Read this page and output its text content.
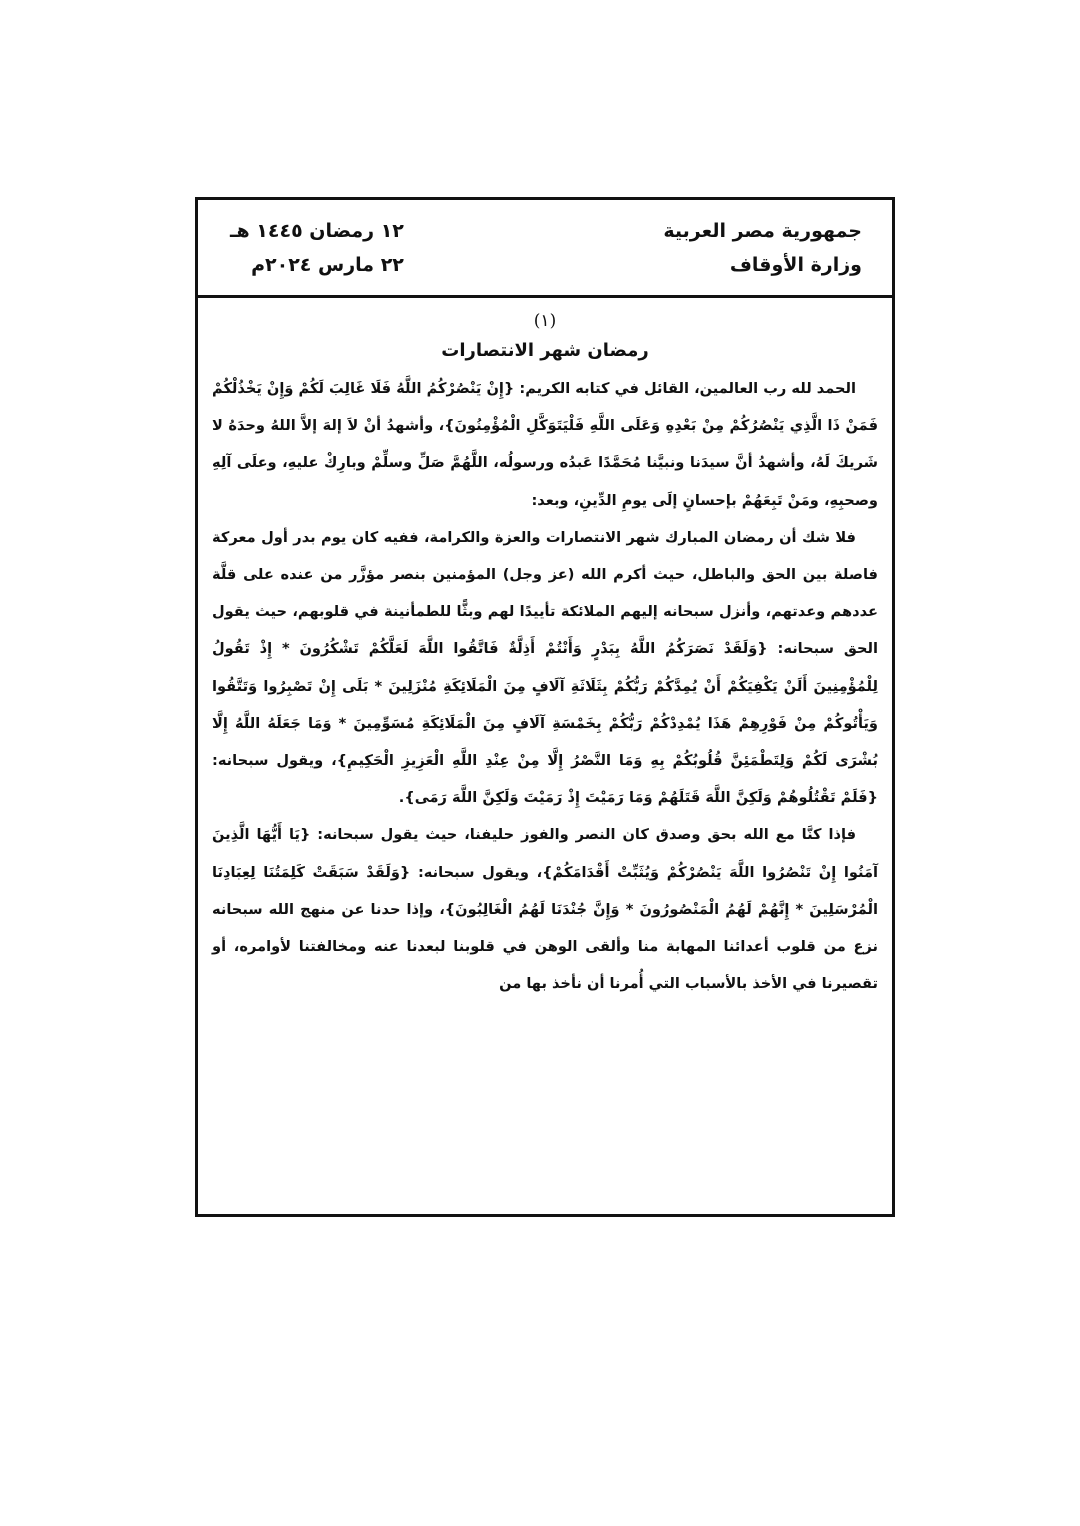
جمهورية مصر العربية
وزارة الأوقاف
١٢ رمضان ١٤٤٥ هـ
٢٢ مارس ٢٠٢٤م
(١)
رمضان شهر الانتصارات

الحمد لله رب العالمين، القائل في كتابه الكريم: {إِنْ يَنْصُرْكُمُ اللَّهُ فَلَا غَالِبَ لَكُمْ وَإِنْ يَخْذُلْكُمْ فَمَنْ ذَا الَّذِي يَنْصُرُكُمْ مِنْ بَعْدِهِ وَعَلَى اللَّهِ فَلْيَتَوَكَّلِ الْمُؤْمِنُونَ}، وأشهدُ أنْ لاَ إلهَ إلاَّ اللهُ وحدَهُ لا شَريكَ لَهُ، وأشهدُ أنَّ سيدَنا ونبيَّنا مُحَمَّدًا عَبدُه ورسولُه، اللَّهُمَّ صَلِّ وسلِّمْ وبارِكْ عليهِ، وعلَى آلِهِ وصحبِهِ، ومَنْ تَبِعَهُمْ بإحسانٍ إلَى يومِ الدِّينِ، وبعد:

فلا شك أن رمضان المبارك شهر الانتصارات والعزة والكرامة، ففيه كان يوم بدر أول معركة فاصلة بين الحق والباطل، حيث أكرم الله (عز وجل) المؤمنين بنصر مؤزَّر من عنده على قلَّة عددهم وعدتهم، وأنزل سبحانه إليهم الملائكة تأييدًا لهم وبثًّا للطمأنينة في قلوبهم، حيث يقول الحق سبحانه: {وَلَقَدْ نَصَرَكُمُ اللَّهُ بِبَدْرٍ وَأَنْتُمْ أَذِلَّةٌ فَاتَّقُوا اللَّهَ لَعَلَّكُمْ تَشْكُرُونَ * إِذْ تَقُولُ لِلْمُؤْمِنِينَ أَلَنْ يَكْفِيَكُمْ أَنْ يُمِدَّكُمْ رَبُّكُمْ بِثَلَاثَةِ آلَافٍ مِنَ الْمَلَائِكَةِ مُنْزَلِينَ * بَلَى إِنْ تَصْبِرُوا وَتَتَّقُوا وَيَأْتُوكُمْ مِنْ فَوْرِهِمْ هَذَا يُمْدِدْكُمْ رَبُّكُمْ بِخَمْسَةِ آلَافٍ مِنَ الْمَلَائِكَةِ مُسَوِّمِينَ * وَمَا جَعَلَهُ اللَّهُ إِلَّا بُشْرَى لَكُمْ وَلِتَطْمَئِنَّ قُلُوبُكُمْ بِهِ وَمَا النَّصْرُ إِلَّا مِنْ عِنْدِ اللَّهِ الْعَزِيزِ الْحَكِيمِ}، ويقول سبحانه: {فَلَمْ تَقْتُلُوهُمْ وَلَكِنَّ اللَّهَ قَتَلَهُمْ وَمَا رَمَيْتَ إِذْ رَمَيْتَ وَلَكِنَّ اللَّهَ رَمَى}.

فإذا كنَّا مع الله بحق وصدق كان النصر والفوز حليفنا، حيث يقول سبحانه: {يَا أَيُّهَا الَّذِينَ آمَنُوا إِنْ تَنْصُرُوا اللَّهَ يَنْصُرْكُمْ وَيُثَبِّتْ أَقْدَامَكُمْ}، ويقول سبحانه: {وَلَقَدْ سَبَقَتْ كَلِمَتُنَا لِعِبَادِنَا الْمُرْسَلِينَ * إِنَّهُمْ لَهُمُ الْمَنْصُورُونَ * وَإِنَّ جُنْدَنَا لَهُمُ الْغَالِبُونَ}، وإذا حدنا عن منهج الله سبحانه نزع من قلوب أعدائنا المهابة منا وألقى الوهن في قلوبنا لبعدنا عنه ومخالفتنا لأوامره، أو تقصيرنا في الأخذ بالأسباب التي أُمرنا أن نأخذ بها من
